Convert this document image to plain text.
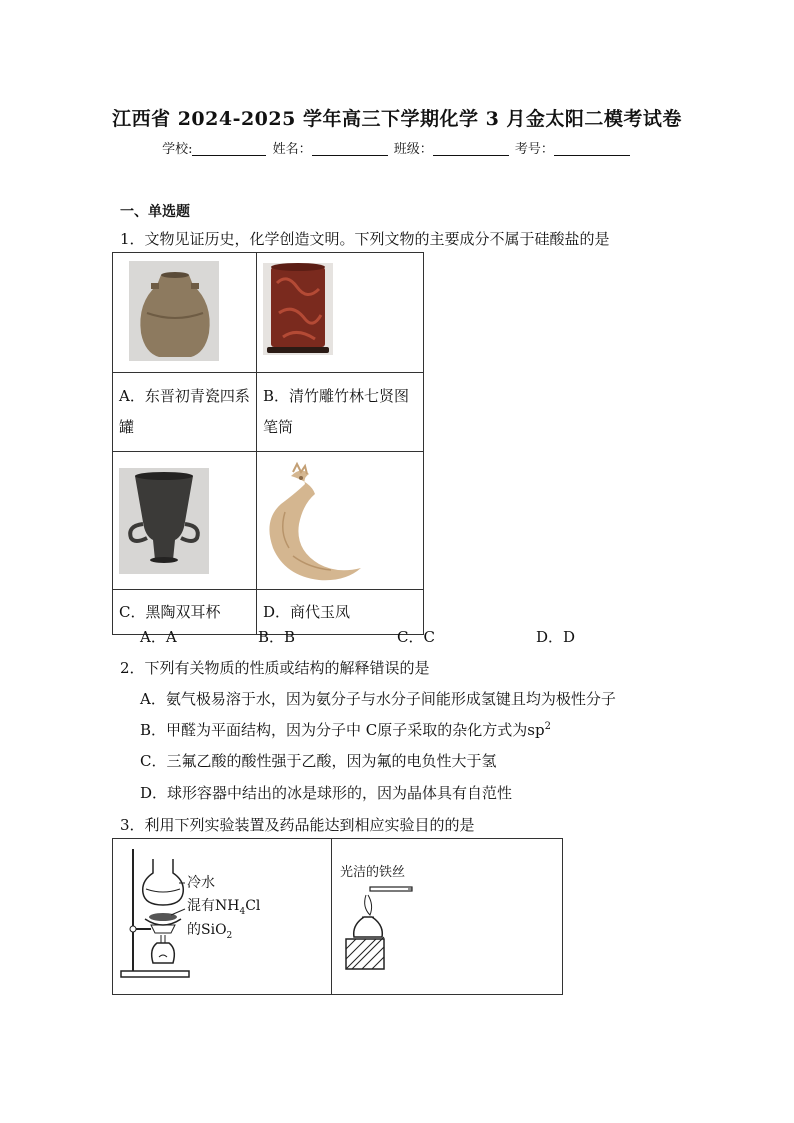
江西省 2024-2025 学年高三下学期化学 3 月金太阳二模考试卷
学校:	姓名：	班级：	考号：
一、单选题
1．文物见证历史，化学创造文明。下列文物的主要成分不属于硅酸盐的是

A．东晋初青瓷四系罐	B．清竹雕竹林七贤图笔筒

C．黑陶双耳杯	D．商代玉凤
A．A	B．B	C．C	D．D
2．下列有关物质的性质或结构的解释错误的是
A．氨气极易溶于水，因为氨分子与水分子间能形成氢键且均为极性分子
B．甲醛为平面结构，因为分子中 C原子采取的杂化方式为$sp^2$
C．三氟乙酸的酸性强于乙酸，因为氟的电负性大于氢
D．球形容器中结出的冰是球形的，因为晶体具有自范性
3．利用下列实验装置及药品能达到相应实验目的的是
冷水
混有$NH_4Cl$
的SiO$_2$

光洁的铁丝
